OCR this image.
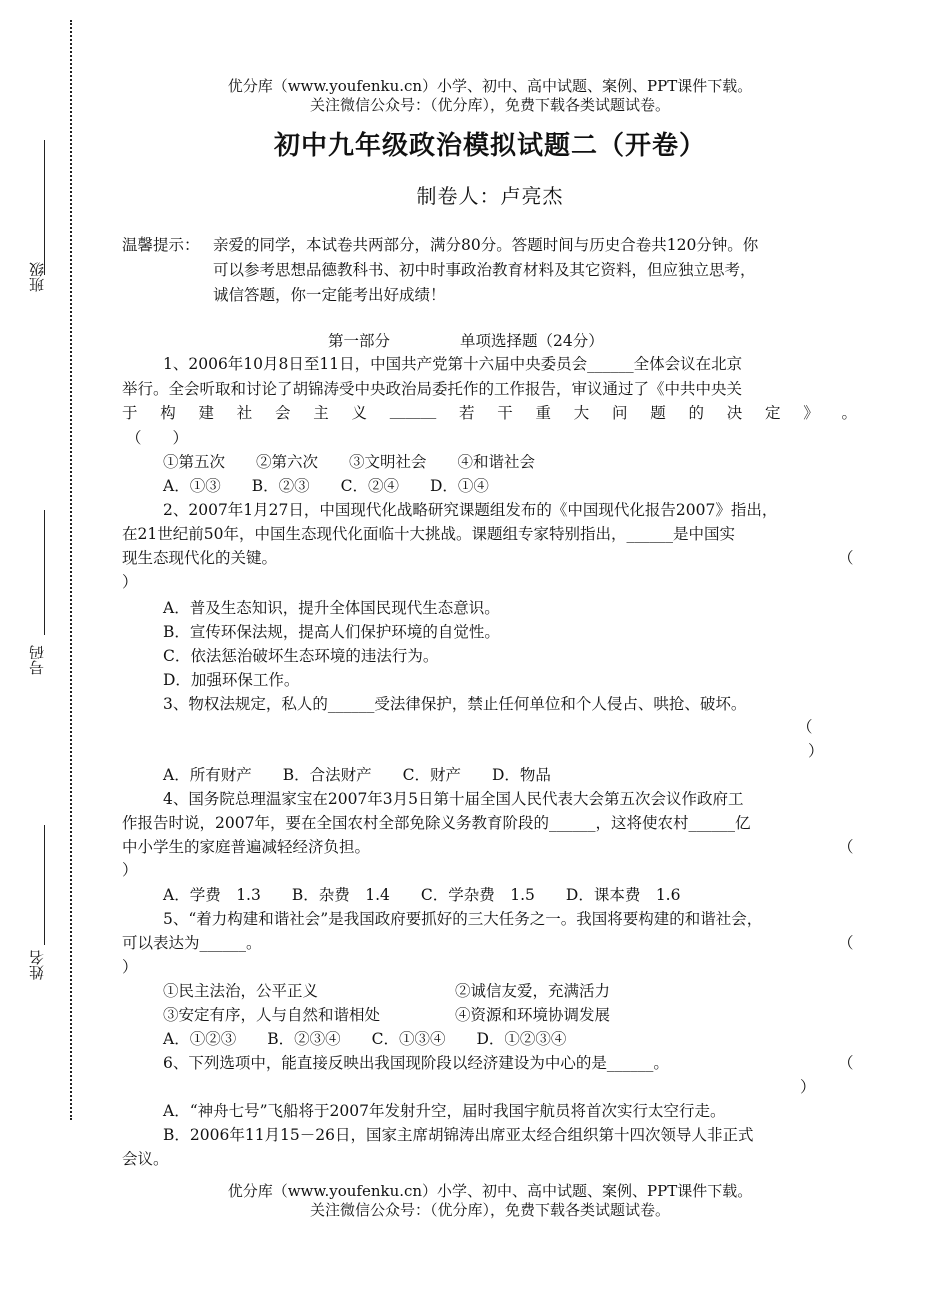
班级
号码
姓名
优分库（www.youfenku.cn）小学、初中、高中试题、案例、PPT课件下载。
关注微信公众号：（优分库），免费下载各类试题试卷。
初中九年级政治模拟试题二（开卷）
制卷人：卢亮杰
温馨提示： 亲爱的同学，本试卷共两部分，满分80分。答题时间与历史合卷共120分钟。你
可以参考思想品德教科书、初中时事政治教育材料及其它资料，但应独立思考，
诚信答题，你一定能考出好成绩！
第一部分	单项选择题（24分）
1、2006年10月8日至11日，中国共产党第十六届中央委员会______全体会议在北京
举行。全会听取和讨论了胡锦涛受中央政治局委托作的工作报告，审议通过了《中共中央关
于 构 建 社 会 主 义 ______ 若 干 重 大 问 题 的 决 定 》 。
（　　）
①第五次　　②第六次　　③文明社会　　④和谐社会
A．①③　　B．②③　　C．②④　　D．①④
2、2007年1月27日，中国现代化战略研究课题组发布的《中国现代化报告2007》指出，
在21世纪前50年，中国生态现代化面临十大挑战。课题组专家特别指出，______是中国实
现生态现代化的关键。	（
）
A．普及生态知识，提升全体国民现代生态意识。
B．宣传环保法规，提高人们保护环境的自觉性。
C．依法惩治破坏生态环境的违法行为。
D．加强环保工作。
3、物权法规定，私人的______受法律保护，禁止任何单位和个人侵占、哄抢、破坏。
（
）
A．所有财产　　B．合法财产　　C．财产　　D．物品
4、国务院总理温家宝在2007年3月5日第十届全国人民代表大会第五次会议作政府工
作报告时说，2007年，要在全国农村全部免除义务教育阶段的______，这将使农村______亿
中小学生的家庭普遍减轻经济负担。	（
）
A．学费　1.3　　B．杂费　1.4　　C．学杂费　1.5　　D．课本费　1.6
5、“着力构建和谐社会”是我国政府要抓好的三大任务之一。我国将要构建的和谐社会，
可以表达为______。	（
）
①民主法治，公平正义	②诚信友爱，充满活力
③安定有序，人与自然和谐相处	④资源和环境协调发展
A．①②③　　B．②③④　　C．①③④　　D．①②③④
6、下列选项中，能直接反映出我国现阶段以经济建设为中心的是______。	（
）
A．“神舟七号”飞船将于2007年发射升空，届时我国宇航员将首次实行太空行走。
B．2006年11月15－26日，国家主席胡锦涛出席亚太经合组织第十四次领导人非正式
会议。
优分库（www.youfenku.cn）小学、初中、高中试题、案例、PPT课件下载。
关注微信公众号：（优分库），免费下载各类试题试卷。
